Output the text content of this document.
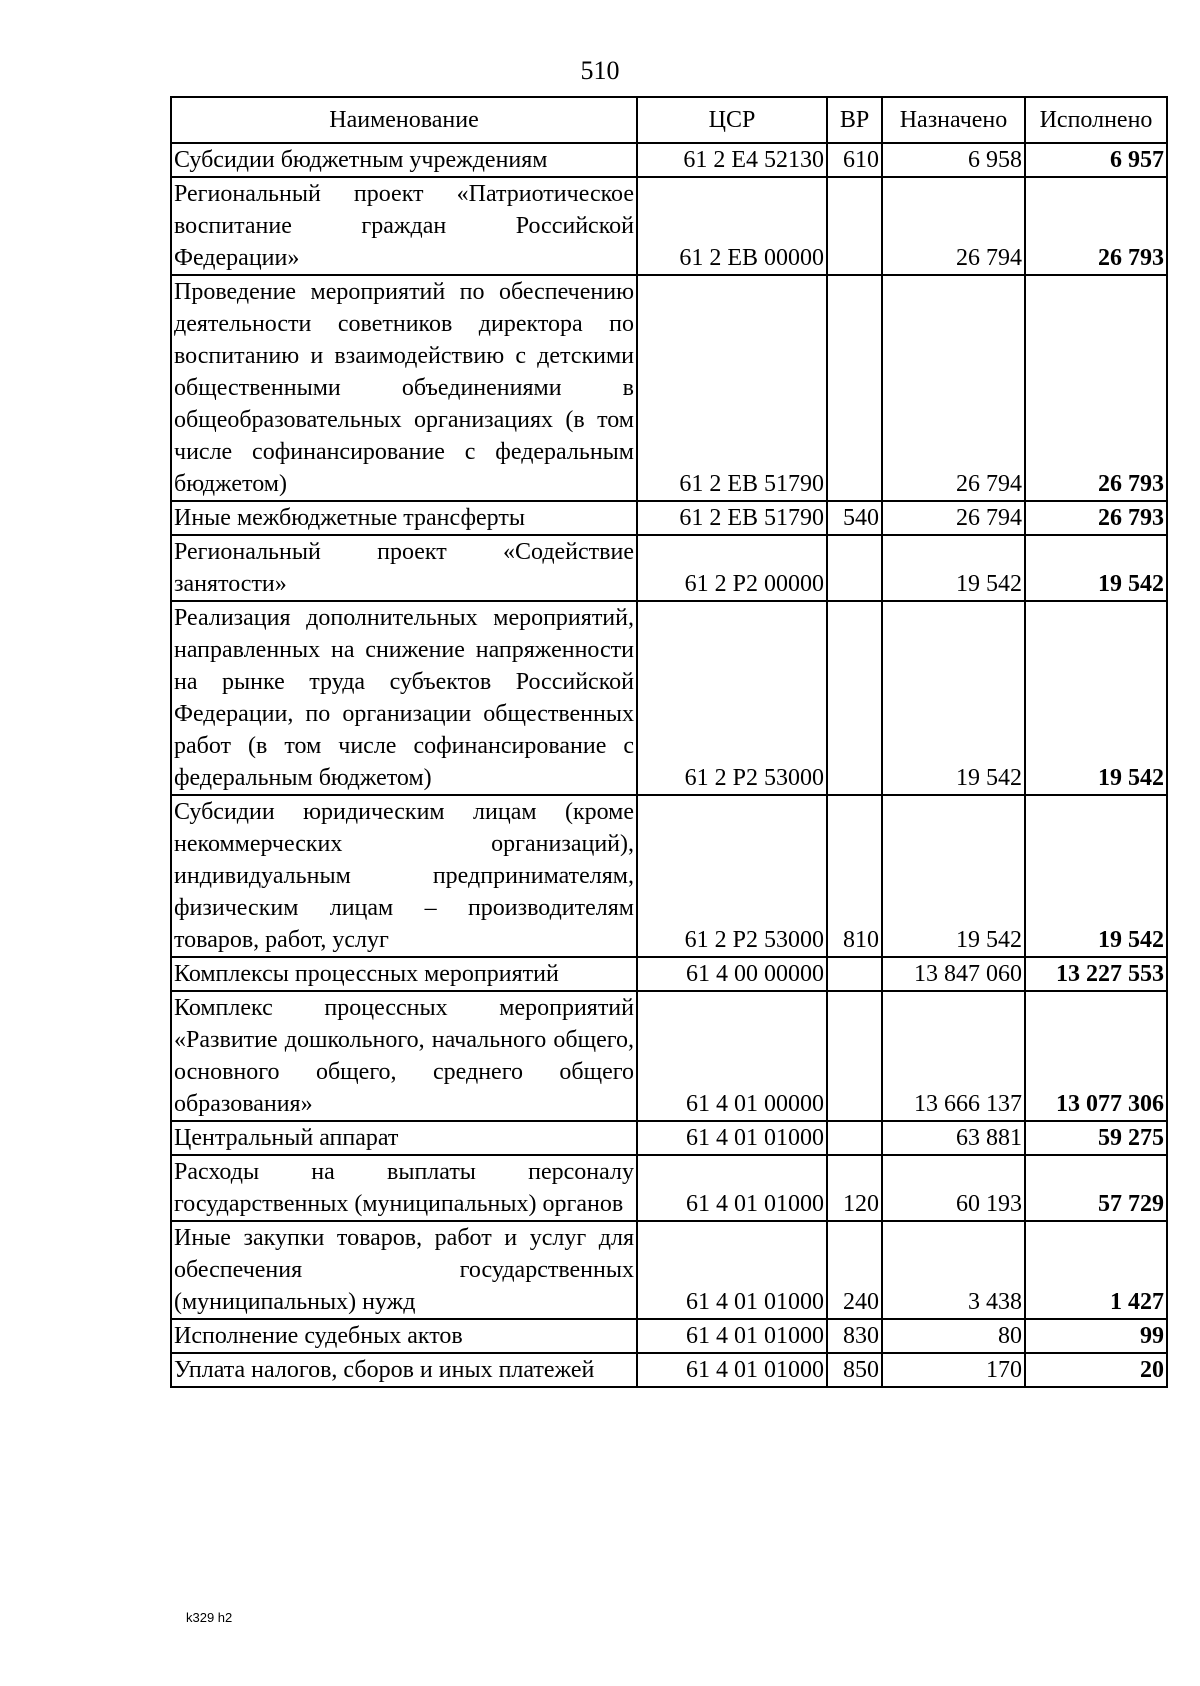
510
Наименование	ЦСР	ВР	Назначено	Исполнено
Субсидии бюджетным учреждениям	61 2 E4 52130	610	6 958	6 957
Региональный проект «Патриотическое воспитание граждан Российской Федерации»	61 2 EB 00000		26 794	26 793
Проведение мероприятий по обеспечению деятельности советников директора по воспитанию и взаимодействию с детскими общественными объединениями в общеобразовательных организациях (в том числе софинансирование с федеральным бюджетом)	61 2 EB 51790		26 794	26 793
Иные межбюджетные трансферты	61 2 EB 51790	540	26 794	26 793
Региональный проект «Содействие занятости»	61 2 P2 00000		19 542	19 542
Реализация дополнительных мероприятий, направленных на снижение напряженности на рынке труда субъектов Российской Федерации, по организации общественных работ (в том числе софинансирование с федеральным бюджетом)	61 2 P2 53000		19 542	19 542
Субсидии юридическим лицам (кроме некоммерческих организаций), индивидуальным предпринимателям, физическим лицам – производителям товаров, работ, услуг	61 2 P2 53000	810	19 542	19 542
Комплексы процессных мероприятий	61 4 00 00000		13 847 060	13 227 553
Комплекс процессных мероприятий «Развитие дошкольного, начального общего, основного общего, среднего общего образования»	61 4 01 00000		13 666 137	13 077 306
Центральный аппарат	61 4 01 01000		63 881	59 275
Расходы на выплаты персоналу государственных (муниципальных) органов	61 4 01 01000	120	60 193	57 729
Иные закупки товаров, работ и услуг для обеспечения государственных (муниципальных) нужд	61 4 01 01000	240	3 438	1 427
Исполнение судебных актов	61 4 01 01000	830	80	99
Уплата налогов, сборов и иных платежей	61 4 01 01000	850	170	20
k329 h2
